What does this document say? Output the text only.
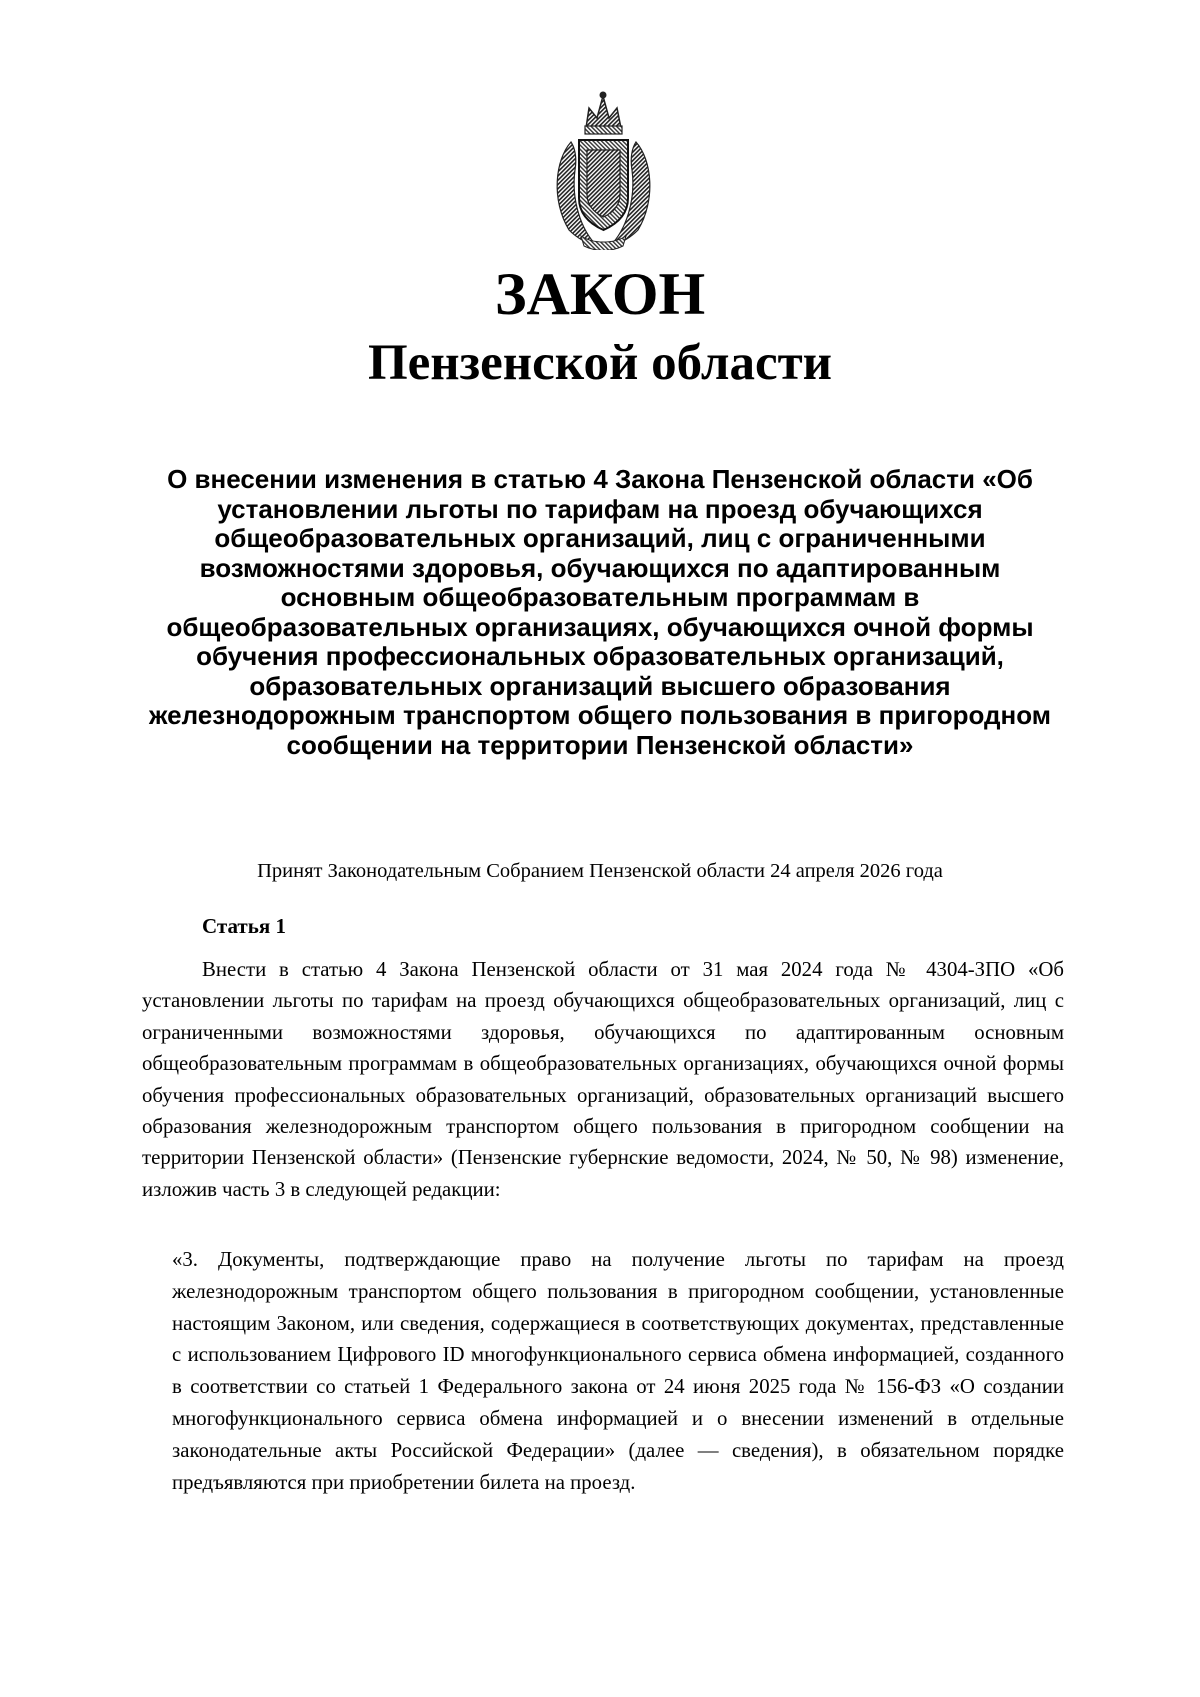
ЗАКОН
Пензенской области

О внесении изменения в статью 4 Закона Пензенской области «Об установлении льготы по тарифам на проезд обучающихся общеобразовательных организаций, лиц с ограниченными возможностями здоровья, обучающихся по адаптированным основным общеобразовательным программам в общеобразовательных организациях, обучающихся очной формы обучения профессиональных образовательных организаций, образовательных организаций высшего образования железнодорожным транспортом общего пользования в пригородном сообщении на территории Пензенской области»

Принят Законодательным Собранием Пензенской области 24 апреля 2026 года

Статья 1

Внести в статью 4 Закона Пензенской области от 31 мая 2024 года № 4304-ЗПО «Об установлении льготы по тарифам на проезд обучающихся общеобразовательных организаций, лиц с ограниченными возможностями здоровья, обучающихся по адаптированным основным общеобразовательным программам в общеобразовательных организациях, обучающихся очной формы обучения профессиональных образовательных организаций, образовательных организаций высшего образования железнодорожным транспортом общего пользования в пригородном сообщении на территории Пензенской области» (Пензенские губернские ведомости, 2024, № 50, № 98) изменение, изложив часть 3 в следующей редакции:

«3. Документы, подтверждающие право на получение льготы по тарифам на проезд железнодорожным транспортом общего пользования в пригородном сообщении, установленные настоящим Законом, или сведения, содержащиеся в соответствующих документах, представленные с использованием Цифрового ID многофункционального сервиса обмена информацией, созданного в соответствии со статьей 1 Федерального закона от 24 июня 2025 года № 156-ФЗ «О создании многофункционального сервиса обмена информацией и о внесении изменений в отдельные законодательные акты Российской Федерации» (далее — сведения), в обязательном порядке предъявляются при приобретении билета на проезд.
